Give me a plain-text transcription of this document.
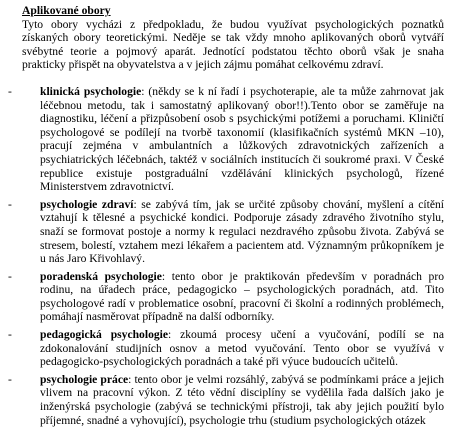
Aplikované obory
Tyto obory vycházi z předpokladu, že budou využívat psychologických poznatků získaných obory teoretickými. Neděje se tak vždy mnoho aplikovaných oborů vytváří svébytné teorie a pojmový aparát. Jednotící podstatou těchto oborů však je snaha prakticky přispět na obyvatelstva a v jejich zájmu pomáhat celkovému zdraví.
- klinická psychologie: (někdy se k ní řadí i psychoterapie, ale ta může zahrnovat jak léčebnou metodu, tak i samostatný aplikovaný obor!!).Tento obor se zaměřuje na diagnostiku, léčení a přizpůsobení osob s psychickými potížemi a poruchami. Kliničtí psychologové se podílejí na tvorbě taxonomií (klasifikačních systémů MKN –10), pracují zejména v ambulantních a lůžkových zdravotnických zařízeních a psychiatrických léčebnách, taktéž v sociálních institucích či soukromé praxi. V České republice existuje postgraduální vzdělávání klinických psychologů, řízené Ministerstvem zdravotnictví.
- psychologie zdraví: se zabývá tím, jak se určité způsoby chování, myšlení a cítění vztahují k tělesné a psychické kondici. Podporuje zásady zdravého životního stylu, snaží se formovat postoje a normy k regulaci nezdravého způsobu života. Zabývá se stresem, bolestí, vztahem mezi lékařem a pacientem atd. Významným průkopníkem je u nás Jaro Křivohlavý.
- poradenská psychologie: tento obor je praktikován především v poradnách pro rodinu, na úřadech práce, pedagogicko – psychologických poradnách, atd. Tito psychologové radí v problematice osobní, pracovní či školní a rodinných problémech, pomáhají nasměrovat případně na další odborníky.
- pedagogická psychologie: zkoumá procesy učení a vyučování, podílí se na zdokonalování studijních osnov a metod vyučování. Tento obor se využívá v pedagogicko-psychologických poradnách a také při výuce budoucích učitelů.
- psychologie práce: tento obor je velmi rozsáhlý, zabývá se podmínkami práce a jejich vlivem na pracovní výkon. Z této vědní disciplíny se vydělila řada dalších jako je inženýrská psychologie (zabývá se technickými přístroji, tak aby jejich použití bylo příjemné, snadné a vyhovující), psychologie trhu (studium psychologických otázek
